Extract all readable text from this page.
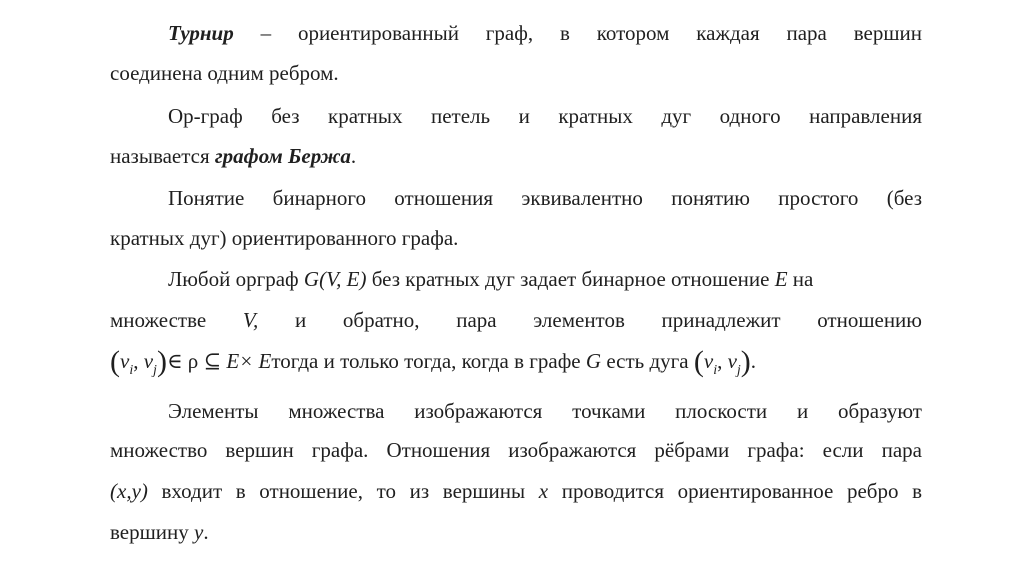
Турнир – ориентированный граф, в котором каждая пара вершин
соединена одним ребром.
Ор-граф без кратных петель и кратных дуг одного направления
называется графом Бержа.
Понятие бинарного отношения эквивалентно понятию простого (без
кратных дуг) ориентированного графа.
Любой орграф G(V, E) без кратных дуг задает бинарное отношение E на
множестве V, и обратно, пара элементов принадлежит отношению
($v_i$, $v_j)\in$ ρ ⊆ E× Eтогда и только тогда, когда в графе G есть дуга ($v_i$, $v_j$).
Элементы множества изображаются точками плоскости и образуют
множество вершин графа. Отношения изображаются рёбрами графа: если пара
(x,y) входит в отношение, то из вершины x проводится ориентированное ребро в
вершину y.
